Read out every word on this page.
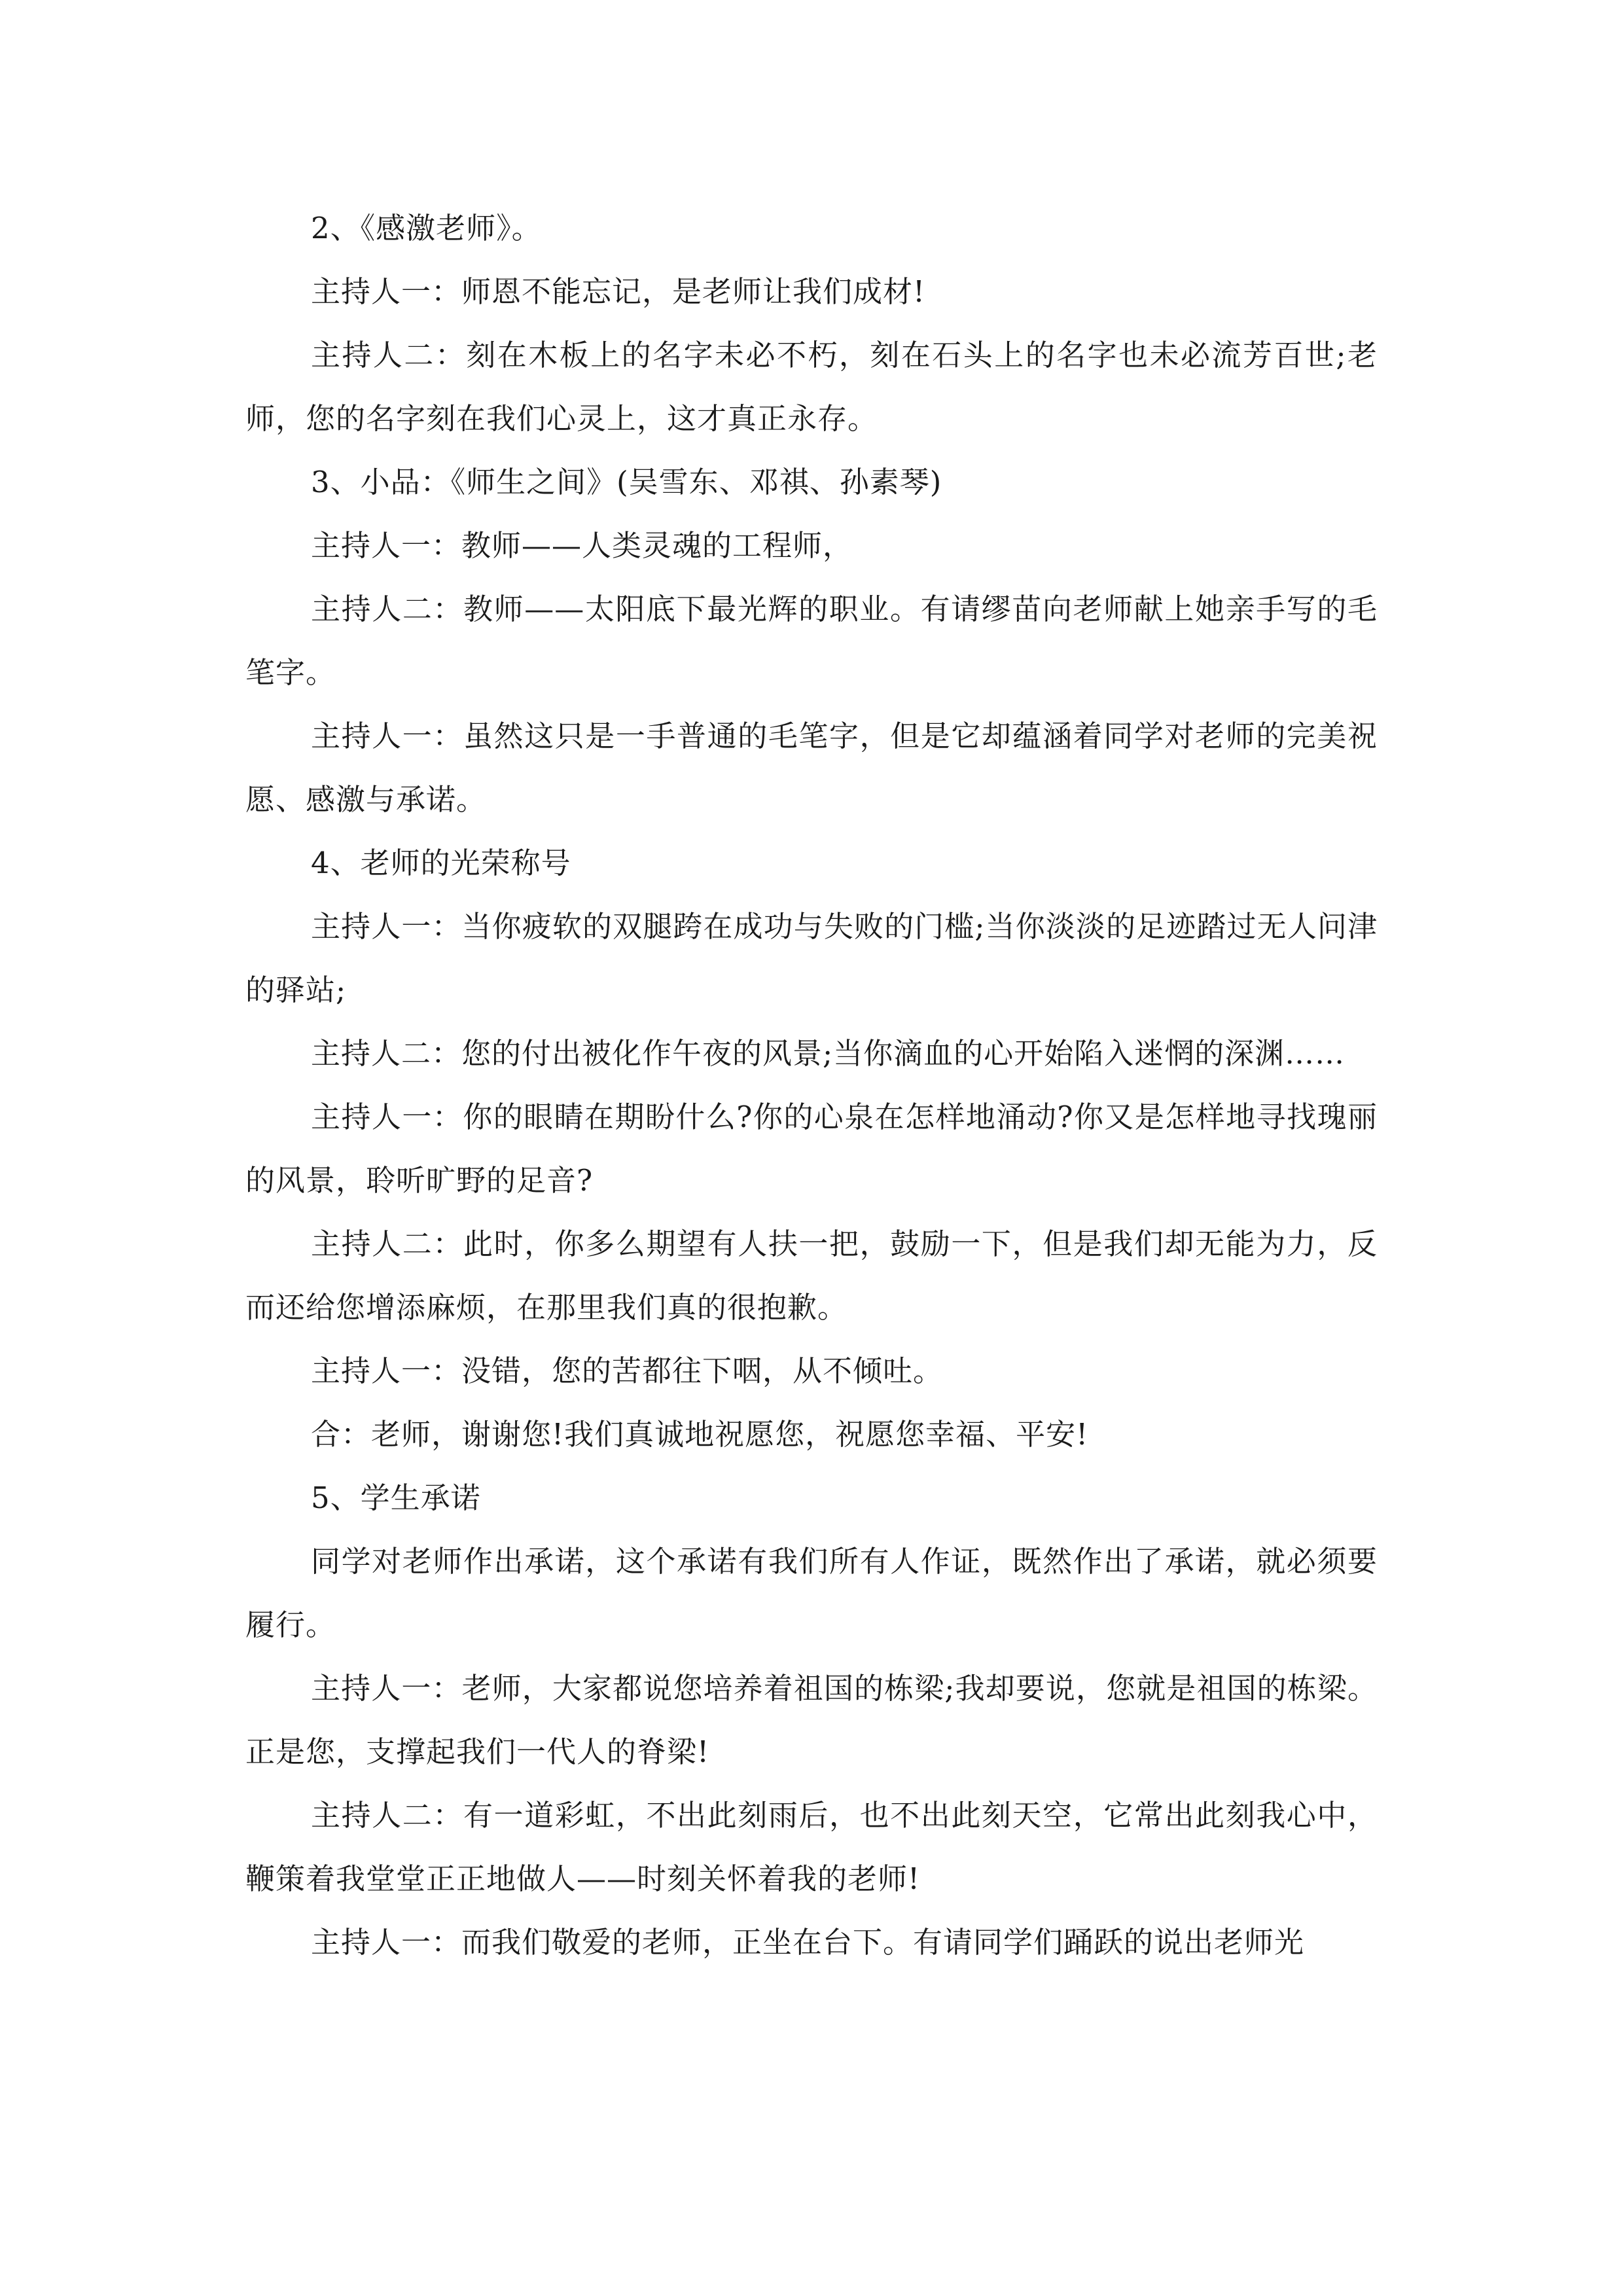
2、《感激老师》。

主持人一：师恩不能忘记，是老师让我们成材!

主持人二：刻在木板上的名字未必不朽，刻在石头上的名字也未必流芳百世;老师，您的名字刻在我们心灵上，这才真正永存。

3、小品：《师生之间》(吴雪东、邓祺、孙素琴)

主持人一：教师——人类灵魂的工程师，

主持人二：教师——太阳底下最光辉的职业。有请缪苗向老师献上她亲手写的毛笔字。

主持人一：虽然这只是一手普通的毛笔字，但是它却蕴涵着同学对老师的完美祝愿、感激与承诺。

4、老师的光荣称号

主持人一：当你疲软的双腿跨在成功与失败的门槛;当你淡淡的足迹踏过无人问津的驿站;

主持人二：您的付出被化作午夜的风景;当你滴血的心开始陷入迷惘的深渊……

主持人一：你的眼睛在期盼什么?你的心泉在怎样地涌动?你又是怎样地寻找瑰丽的风景，聆听旷野的足音?

主持人二：此时，你多么期望有人扶一把，鼓励一下，但是我们却无能为力，反而还给您增添麻烦，在那里我们真的很抱歉。

主持人一：没错，您的苦都往下咽，从不倾吐。

合：老师，谢谢您!我们真诚地祝愿您，祝愿您幸福、平安!

5、学生承诺

同学对老师作出承诺，这个承诺有我们所有人作证，既然作出了承诺，就必须要履行。

主持人一：老师，大家都说您培养着祖国的栋梁;我却要说，您就是祖国的栋梁。正是您，支撑起我们一代人的脊梁!

主持人二：有一道彩虹，不出此刻雨后，也不出此刻天空，它常出此刻我心中，鞭策着我堂堂正正地做人——时刻关怀着我的老师!

主持人一：而我们敬爱的老师，正坐在台下。有请同学们踊跃的说出老师光
